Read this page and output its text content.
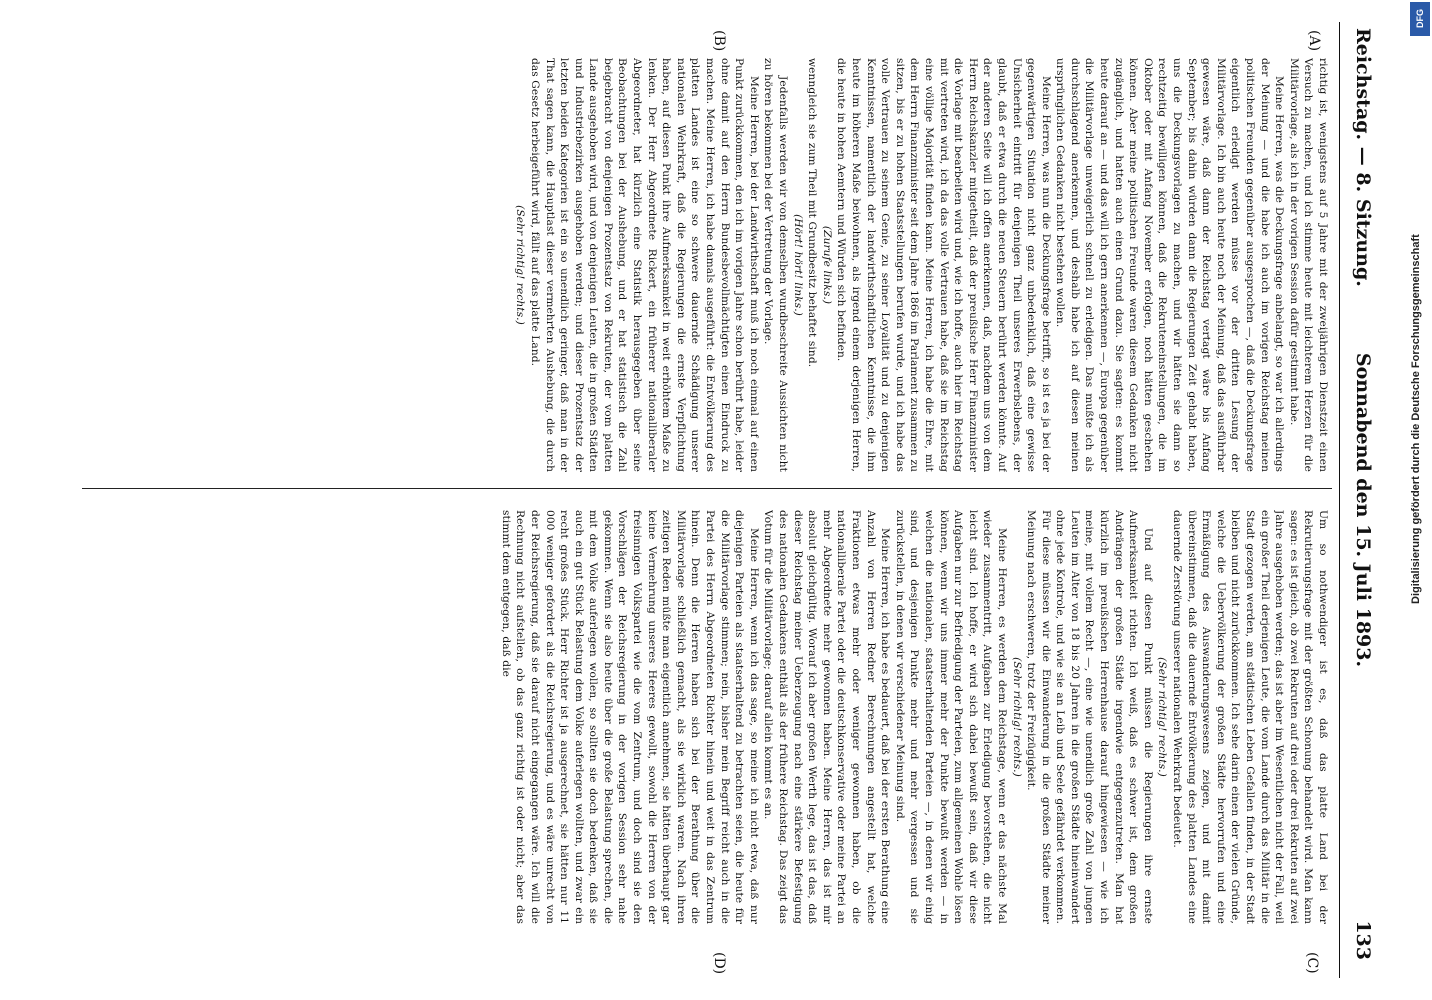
Reichstag. — 8. Sitzung.
Sonnabend den 15. Juli 1893.
133
(A)
(B)
(C)
(D)

richtig ist, wenigstens auf 5 Jahre mit der zweijährigen Dienstzeit einen Versuch zu machen, und ich stimme heute mit leichterem Herzen für die Militärvorlage, als ich in der vorigen Session dafür gestimmt habe.

Meine Herren, was die Deckungsfrage anbelangt, so war ich allerdings der Meinung — und die habe ich auch im vorigen Reichstag meinen politischen Freunden gegenüber ausgesprochen —, daß die Deckungsfrage eigentlich erledigt werden müsse vor der dritten Lesung der Militärvorlage. Ich bin auch heute noch der Meinung, daß das ausführbar gewesen wäre, daß dann der Reichstag vertagt wäre bis Anfang September; bis dahin würden dann die Regierungen Zeit gehabt haben, uns die Deckungsvorlagen zu machen, und wir hätten sie dann so rechtzeitig bewilligen können, daß die Rekruteneinstellungen, die im Oktober oder mit Anfang November erfolgen, noch hätten geschehen können. Aber meine politischen Freunde waren diesem Gedanken nicht zugänglich, und hatten auch einen Grund dazu. Sie sagten: es kommt heute darauf an — und das will ich gern anerkennen —, Europa gegenüber die Militärvorlage unweigerlich schnell zu erledigen. Das mußte ich als durchschlagend anerkennen, und deshalb habe ich auf diesen meinen ursprünglichen Gedanken nicht bestehen wollen.

Meine Herren, was nun die Deckungsfrage betrifft, so ist es ja bei der gegenwärtigen Situation nicht ganz unbedenklich, daß eine gewisse Unsicherheit eintritt für denjenigen Theil unseres Erwerbslebens, der glaubt, daß er etwa durch die neuen Steuern berührt werden könnte. Auf der anderen Seite will ich offen anerkennen, daß, nachdem uns von dem Herrn Reichskanzler mitgetheilt, daß der preußische Herr Finanzminister die Vorlage mit bearbeiten wird und, wie ich hoffe, auch hier im Reichstag mit vertreten wird, ich da das volle Vertrauen habe, daß sie im Reichstag eine völlige Majorität finden kann. Meine Herren, ich habe die Ehre, mit dem Herrn Finanzminister seit dem Jahre 1866 im Parlament zusammen zu sitzen, bis er zu hohen Staatsstellungen berufen wurde, und ich habe das volle Vertrauen zu seinem Genie, zu seiner Loyalität und zu denjenigen Kenntnissen, namentlich der landwirthschaftlichen Kenntnisse, die ihm heute im höheren Maße beiwohnen, als irgend einem derjenigen Herren, die heute in hohen Aemtern und Würden sich befinden.

(Zurufe links.)

wenngleich sie zum Theil mit Grundbesitz behaftet sind.

(Hört! hört! links.)

Jedenfalls werden wir von demselben wundbeschreite Aussichten nicht zu hören bekommen bei der Vertretung der Vorlage.

Meine Herren, bei der Landwirthschaft muß ich noch einmal auf einen Punkt zurückkommen, den ich im vorigen Jahre schon berührt habe, leider ohne damit auf den Herrn Bundesbevollmächtigten einen Eindruck zu machen. Meine Herren, ich habe damals ausgeführt: die Entvölkerung des platten Landes ist eine so schwere dauernde Schädigung unserer nationalen Wehrkraft, daß die Regierungen die ernste Verpflichtung haben, auf diesen Punkt ihre Aufmerksamkeit in weit erhöhtem Maße zu lenken. Der Herr Abgeordnete Rickert, ein früherer nationalliberaler Abgeordneter, hat kürzlich eine Statistik herausgegeben über seine Beobachtungen bei der Aushebung, und er hat statistisch die Zahl beigebracht von denjenigen Prozentsatz von Rekruten, der vom platten Lande ausgehoben wird, und von denjenigen Leuten, die in großen Städten und Industriebezirken ausgehoben werden; und dieser Prozentsatz der letzten beiden Kategorien ist ein so unendlich geringer, daß man in der That sagen kann, die Hauptlast dieser vermehrten Aushebung, die durch das Gesetz herbeigeführt wird, fällt auf das platte Land.

(Sehr richtig! rechts.)

Um so nothwendiger ist es, daß das platte Land bei der Rekrutierungsfrage mit der größten Schonung behandelt wird. Man kann sagen: es ist gleich, ob zwei Rekruten auf drei oder drei Rekruten auf zwei Jahre ausgehoben werden; das ist aber im Wesentlichen nicht der Fall, weil ein großer Theil derjenigen Leute, die vom Lande durch das Militär in die Stadt gezogen werden, am städtischen Leben Gefallen finden, in der Stadt bleiben und nicht zurückkommen. Ich sehe darin einen der vielen Gründe, welche die Uebervölkerung der großen Städte hervorrufen und eine Ermäßigung des Auswanderungswesens zeigen, und mit damit übereinstimmen, daß die dauernde Entvölkerung des platten Landes eine dauernde Zerstörung unserer nationalen Wehrkraft bedeutet.

(Sehr richtig! rechts.)

Und auf diesen Punkt müssen die Regierungen ihre ernste Aufmerksamkeit richten. Ich weiß, daß es schwer ist, dem großen Andrängen der großen Städte irgendwie entgegenzutreten. Man hat kürzlich im preußischen Herrenhause darauf hingewiesen — wie ich meine, mit vollem Recht —, eine wie unendlich große Zahl von jungen Leuten im Alter von 18 bis 20 Jahren in die großen Städte hineinwandert ohne jede Kontrole, und wie sie an Leib und Seele gefährdet verkommen. Für diese müssen wir die Einwanderung in die großen Städte meiner Meinung nach erschweren, trotz der Freizügigkeit.

(Sehr richtig! rechts.)

Meine Herren, es werden dem Reichstage, wenn er das nächste Mal wieder zusammentritt, Aufgaben zur Erledigung bevorstehen, die nicht leicht sind. Ich hoffe, er wird sich dabei bewußt sein, daß wir diese Aufgaben nur zur Befriedigung der Parteien, zum allgemeinen Wohle lösen können, wenn wir uns immer mehr der Punkte bewußt werden — in welchen die nationalen, staatserhaltenden Parteien —, in denen wir einig sind, und desjenigen Punkte mehr und mehr vergessen und sie zurückstellen, in denen wir verschiedener Meinung sind.

Meine Herren, ich habe es bedauert, daß bei der ersten Berathung eine Anzahl von Herren Redner Berechnungen angestellt hat, welche Fraktionen etwas mehr oder weniger gewonnen haben, ob die nationalliberale Partei oder die deutschkonservative oder meine Partei an mehr Abgeordnete mehr gewonnen haben. Meine Herren, das ist mir absolut gleichgültig. Worauf ich aber großen Werth lege, das ist das, daß dieser Reichstag meiner Ueberzeugung nach eine stärkere Befestigung des nationalen Gedankens enthält als der frühere Reichstag. Das zeigt das Votum für die Militärvorlage; darauf allein kommt es an.

Meine Herren, wenn ich das sage, so meine ich nicht etwa, daß nur diejenigen Parteien als staatserhaltend zu betrachten seien, die heute für die Militärvorlage stimmen; nein, bisher mein Begriff reicht auch in die Partei des Herrn Abgeordneten Richter hinein und weit in das Zentrum hinein. Denn die Herren haben sich bei der Berathung über die Militärvorlage schließlich gemacht, als sie wirklich waren. Nach ihren zeitigen Reden müßte man eigentlich annehmen, sie hätten überhaupt gar keine Vermehrung unseres Heeres gewollt, sowohl die Herren von der freisinnigen Volkspartei wie die vom Zentrum, und doch sind sie den Vorschlägen der Reichsregierung in der vorigen Session sehr nahe gekommen. Wenn sie also heute über die große Belastung sprechen, die mit dem Volke auferlegen wollen, so sollten sie doch bedenken, daß sie auch ein gut Stück Belastung dem Volke auferlegen wollten, und zwar ein recht großes Stück. Herr Richter ist ja ausgerechnet, sie hätten nur 11 000 weniger gefordert als die Reichsregierung, und es wäre unrecht von der Reichsregierung, daß sie darauf nicht eingegangen wäre. Ich will die Rechnung nicht aufstellen, ob das ganz richtig ist oder nicht; aber das stimmt dem entgegen, daß die

DFG
Digitalisierung gefördert durch die Deutsche Forschungsgemeinschaft
